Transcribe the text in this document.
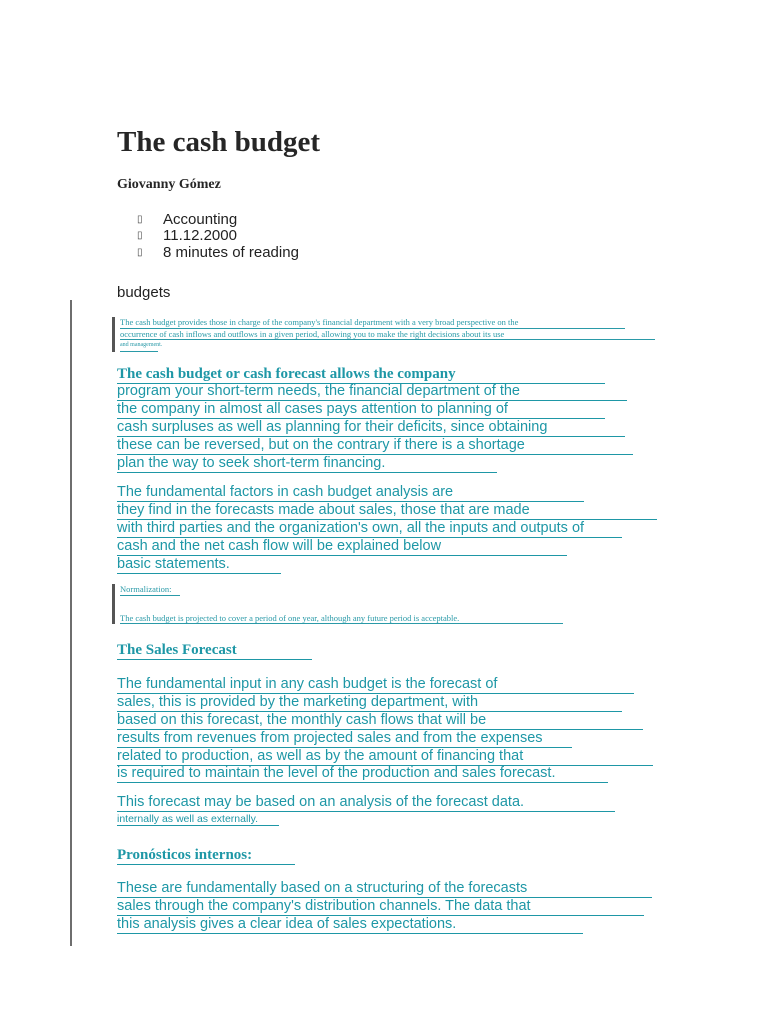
The cash budget
Giovanny Gómez
▯	Accounting
▯	11.12.2000
▯	8 minutes of reading
budgets
The cash budget provides those in charge of the company's financial department with a very broad perspective on the
occurrence of cash inflows and outflows in a given period, allowing you to make the right decisions about its use
and management.
The cash budget or cash forecast allows the company
program your short-term needs, the financial department of the
the company in almost all cases pays attention to planning of
cash surpluses as well as planning for their deficits, since obtaining
these can be reversed, but on the contrary if there is a shortage
plan the way to seek short-term financing.
The fundamental factors in cash budget analysis are
they find in the forecasts made about sales, those that are made
with third parties and the organization's own, all the inputs and outputs of
cash and the net cash flow will be explained below
basic statements.
Normalization:
The cash budget is projected to cover a period of one year, although any future period is acceptable.
The Sales Forecast
The fundamental input in any cash budget is the forecast of
sales, this is provided by the marketing department, with
based on this forecast, the monthly cash flows that will be
results from revenues from projected sales and from the expenses
related to production, as well as by the amount of financing that
is required to maintain the level of the production and sales forecast.
This forecast may be based on an analysis of the forecast data.
internally as well as externally.
Pronósticos internos:
These are fundamentally based on a structuring of the forecasts
sales through the company's distribution channels. The data that
this analysis gives a clear idea of sales expectations.
